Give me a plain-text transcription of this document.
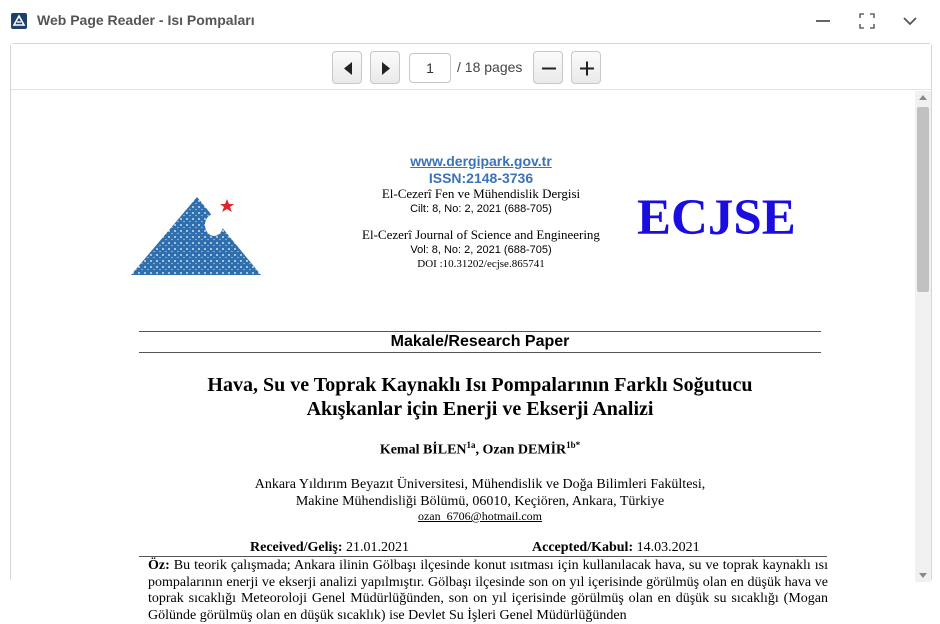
Web Page Reader - Isı Pompaları
1
/ 18 pages
www.dergipark.gov.tr
ISSN:2148-3736
El-Cezerî Fen ve Mühendislik Dergisi
Cilt: 8, No: 2, 2021 (688-705)
El-Cezerî Journal of Science and Engineering
Vol: 8, No: 2, 2021 (688-705)
DOI :10.31202/ecjse.865741
ECJSE
Makale/Research Paper
Hava, Su ve Toprak Kaynaklı Isı Pompalarının Farklı Soğutucu
Akışkanlar için Enerji ve Ekserji Analizi
Kemal $BİLEN^{1a}$, Ozan $DEMİR^{1b*}$
Ankara Yıldırım Beyazıt Üniversitesi, Mühendislik ve Doğa Bilimleri Fakültesi,
Makine Mühendisliği Bölümü, 06010, Keçiören, Ankara, Türkiye
ozan_6706@hotmail.com
Received/Geliş: 21.01.2021	Accepted/Kabul: 14.03.2021
Öz: Bu teorik çalışmada; Ankara ilinin Gölbaşı ilçesinde konut ısıtması için kullanılacak hava, su ve toprak kaynaklı ısı pompalarının enerji ve ekserji analizi yapılmıştır. Gölbaşı ilçesinde son on yıl içerisinde görülmüş olan en düşük hava ve toprak sıcaklığı Meteoroloji Genel Müdürlüğünden, son on yıl içerisinde görülmüş olan en düşük su sıcaklığı (Mogan Gölünde görülmüş olan en düşük sıcaklık) ise Devlet Su İşleri Genel Müdürlüğünden
